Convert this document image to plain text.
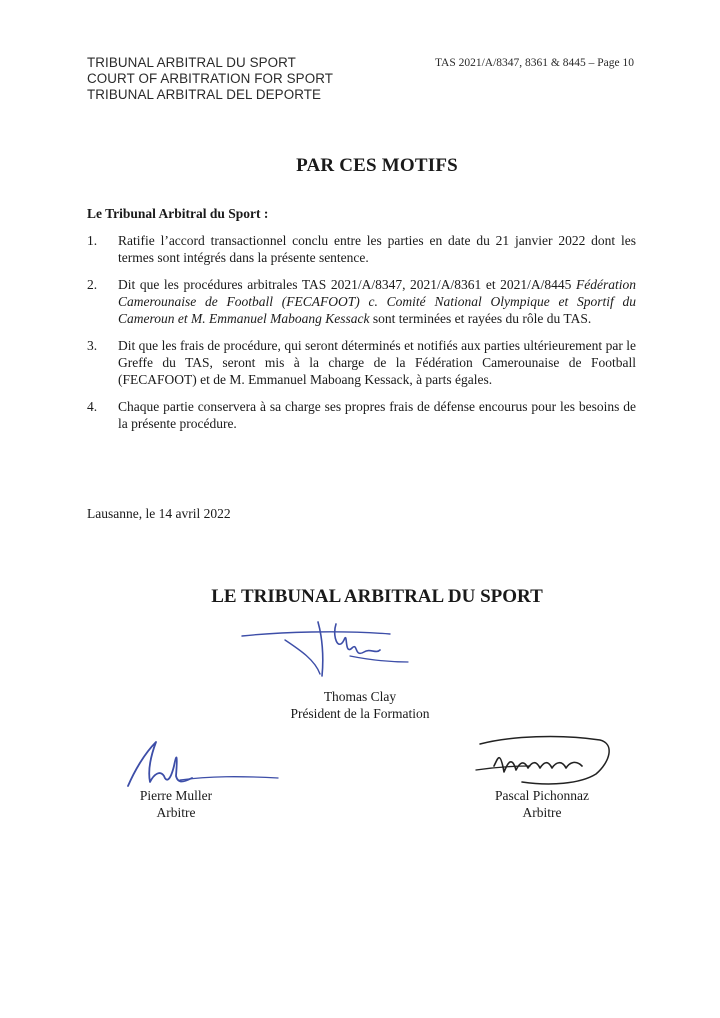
TRIBUNAL ARBITRAL DU SPORT
COURT OF ARBITRATION FOR SPORT
TRIBUNAL ARBITRAL DEL DEPORTE
TAS 2021/A/8347, 8361 & 8445 – Page 10
PAR CES MOTIFS
Le Tribunal Arbitral du Sport :
1. Ratifie l’accord transactionnel conclu entre les parties en date du 21 janvier 2022 dont les termes sont intégrés dans la présente sentence.
2. Dit que les procédures arbitrales TAS 2021/A/8347, 2021/A/8361 et 2021/A/8445 Fédération Camerounaise de Football (FECAFOOT) c. Comité National Olympique et Sportif du Cameroun et M. Emmanuel Maboang Kessack sont terminées et rayées du rôle du TAS.
3. Dit que les frais de procédure, qui seront déterminés et notifiés aux parties ultérieurement par le Greffe du TAS, seront mis à la charge de la Fédération Camerounaise de Football (FECAFOOT) et de M. Emmanuel Maboang Kessack, à parts égales.
4. Chaque partie conservera à sa charge ses propres frais de défense encourus pour les besoins de la présente procédure.
Lausanne, le 14 avril 2022
LE TRIBUNAL ARBITRAL DU SPORT
Thomas Clay
Président de la Formation
Pierre Muller
Arbitre
Pascal Pichonnaz
Arbitre
